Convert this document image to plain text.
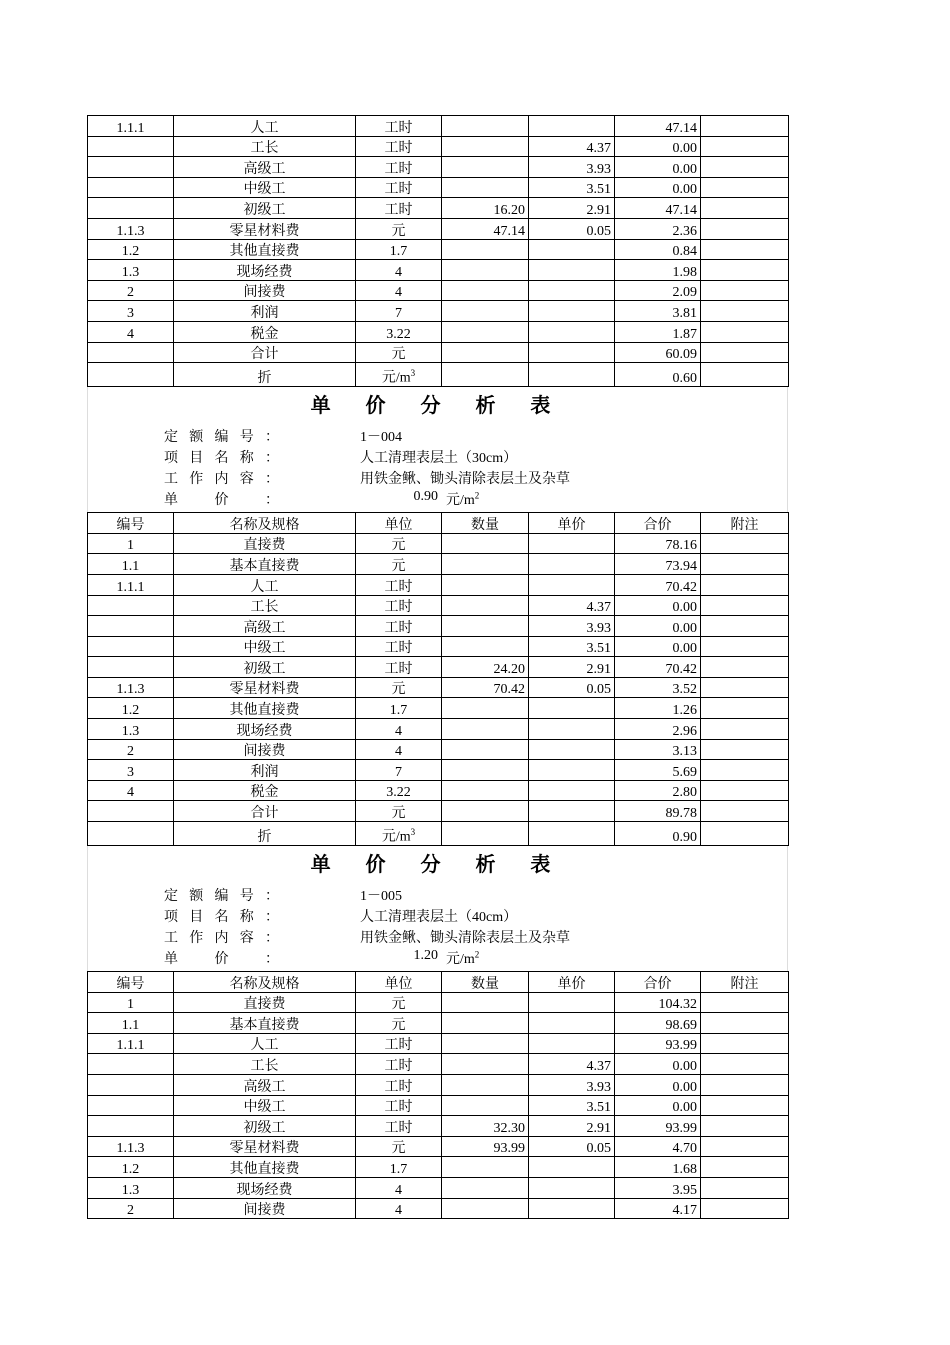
1.1.1	人工	工时			47.14	
	工长	工时		4.37	0.00	
	高级工	工时		3.93	0.00	
	中级工	工时		3.51	0.00	
	初级工	工时	16.20	2.91	47.14	
1.1.3	零星材料费	元	47.14	0.05	2.36	
1.2	其他直接费	1.7			0.84	
1.3	现场经费	4			1.98	
2	间接费	4			2.09	
3	利润	7			3.81	
4	税金	3.22			1.87	
	合计	元			60.09	
	折	元$/m^3$			0.60	
单 价 分 析 表
定 额 编 号 ：	1－004
项 目 名 称 ：	人工清理表层土（30cm）
工 作 内 容 ：	用铁金鳅、锄头清除表层土及杂草
单	价	：	0.90 元$/m^2$
编号	名称及规格	单位	数量	单价	合价	附注
1	直接费	元			78.16	
1.1	基本直接费	元			73.94	
1.1.1	人工	工时			70.42	
	工长	工时		4.37	0.00	
	高级工	工时		3.93	0.00	
	中级工	工时		3.51	0.00	
	初级工	工时	24.20	2.91	70.42	
1.1.3	零星材料费	元	70.42	0.05	3.52	
1.2	其他直接费	1.7			1.26	
1.3	现场经费	4			2.96	
2	间接费	4			3.13	
3	利润	7			5.69	
4	税金	3.22			2.80	
	合计	元			89.78	
	折	元$/m^3$			0.90	
单 价 分 析 表
定 额 编 号 ：	1－005
项 目 名 称 ：	人工清理表层土（40cm）
工 作 内 容 ：	用铁金鳅、锄头清除表层土及杂草
单	价	：	1.20 元$/m^2$
编号	名称及规格	单位	数量	单价	合价	附注
1	直接费	元			104.32	
1.1	基本直接费	元			98.69	
1.1.1	人工	工时			93.99	
	工长	工时		4.37	0.00	
	高级工	工时		3.93	0.00	
	中级工	工时		3.51	0.00	
	初级工	工时	32.30	2.91	93.99	
1.1.3	零星材料费	元	93.99	0.05	4.70	
1.2	其他直接费	1.7			1.68	
1.3	现场经费	4			3.95	
2	间接费	4			4.17	
